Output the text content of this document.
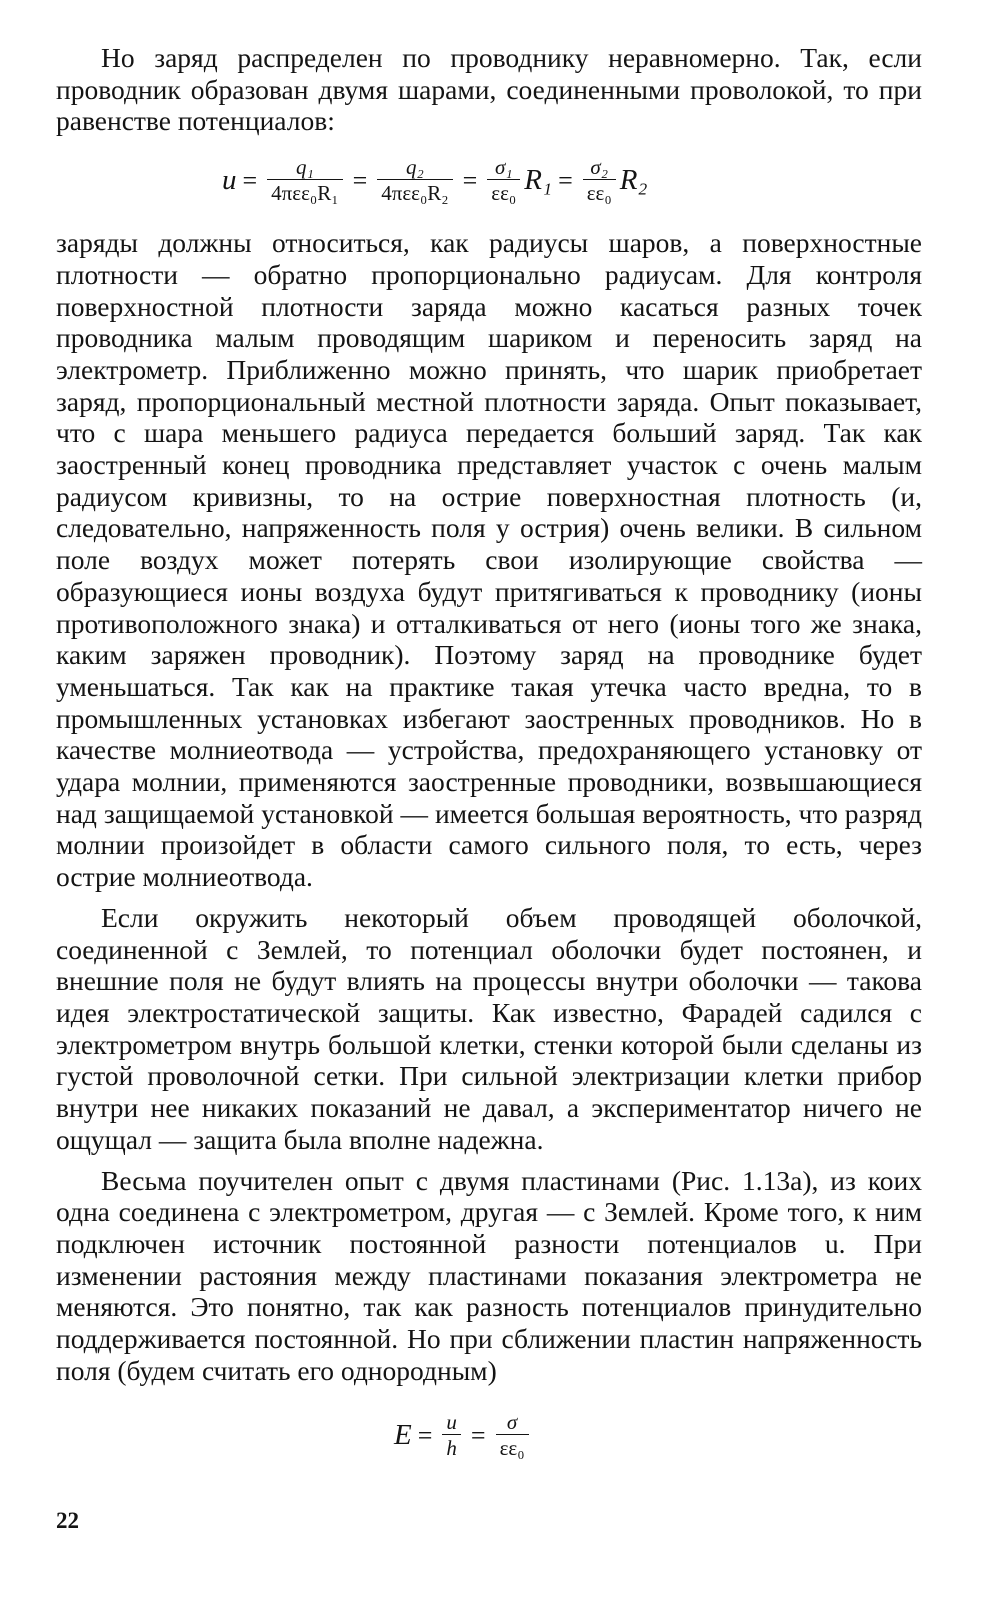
Но заряд распределен по проводнику неравномерно. Так, если проводник образован двумя шарами, соединенными проволокой, то при равенстве потенциалов:

$u = \frac{\text{q₁}}{\text{4πεε₀R₁}} = \frac{\text{q₂}}{\text{4πεε₀R₂}} = \frac{\text{σ₁}}{\text{εε₀}} R_1 = \frac{\text{σ₂}}{\text{εε₀}} R_2$

заряды должны относиться, как радиусы шаров, а поверхностные плотности — обратно пропорционально радиусам. Для контроля поверхностной плотности заряда можно касаться разных точек проводника малым проводящим шариком и переносить заряд на электрометр. Приближенно можно принять, что шарик приобретает заряд, пропорциональный местной плотности заряда. Опыт показывает, что с шара меньшего радиуса передается больший заряд. Так как заостренный конец проводника представляет участок с очень малым радиусом кривизны, то на острие поверхностная плотность (и, следовательно, напряженность поля у острия) очень велики. В сильном поле воздух может потерять свои изолирующие свойства — образующиеся ионы воздуха будут притягиваться к проводнику (ионы противоположного знака) и отталкиваться от него (ионы того же знака, каким заряжен проводник). Поэтому заряд на проводнике будет уменьшаться. Так как на практике такая утечка часто вредна, то в промышленных установках избегают заостренных проводников. Но в качестве молниеотвода — устройства, предохраняющего установку от удара молнии, применяются заостренные проводники, возвышающиеся над защищаемой установкой — имеется большая вероятность, что разряд молнии произойдет в области самого сильного поля, то есть, через острие молниеотвода.

Если окружить некоторый объем проводящей оболочкой, соединенной с Землей, то потенциал оболочки будет постоянен, и внешние поля не будут влиять на процессы внутри оболочки — такова идея электростатической защиты. Как известно, Фарадей садился с электрометром внутрь большой клетки, стенки которой были сделаны из густой проволочной сетки. При сильной электризации клетки прибор внутри нее никаких показаний не давал, а экспериментатор ничего не ощущал — защита была вполне надежна.

Весьма поучителен опыт с двумя пластинами (Рис. 1.13а), из коих одна соединена с электрометром, другая — с Землей. Кроме того, к ним подключен источник постоянной разности потенциалов u. При изменении растояния между пластинами показания электрометра не меняются. Это понятно, так как разность потенциалов принудительно поддерживается постоянной. Но при сближении пластин напряженность поля (будем считать его однородным)

$E = \frac{u}{h} = \frac{\sigma}{\text{εε₀}}$
22
